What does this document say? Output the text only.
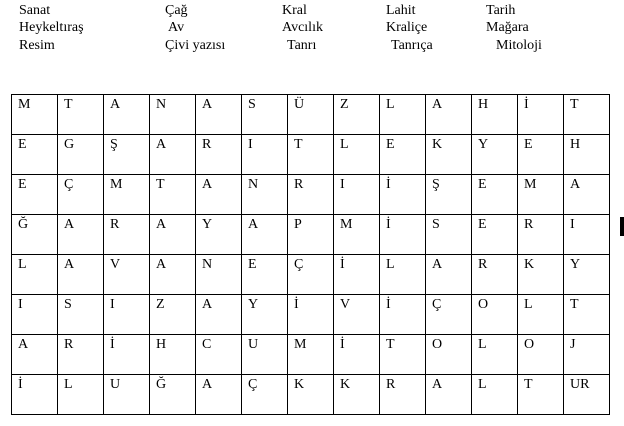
Sanat	Çağ	Kral	Lahit	Tarih
Heykeltıraş	Av	Avcılık	Kraliçe	Mağara
Resim	Çivi yazısı	Tanrı	Tanrıça	Mitoloji
M	T	A	N	A	S	Ü	Z	L	A	H	İ	T

E	G	Ş	A	R	I	T	L	E	K	Y	E	H

E	Ç	M	T	A	N	R	I	İ	Ş	E	M	A

Ğ	A	R	A	Y	A	P	M	İ	S	E	R	I

L	A	V	A	N	E	Ç	İ	L	A	R	K	Y

I	S	I	Z	A	Y	İ	V	İ	Ç	O	L	T

A	R	İ	H	C	U	M	İ	T	O	L	O	J

İ	L	U	Ğ	A	Ç	K	K	R	A	L	T	UR
